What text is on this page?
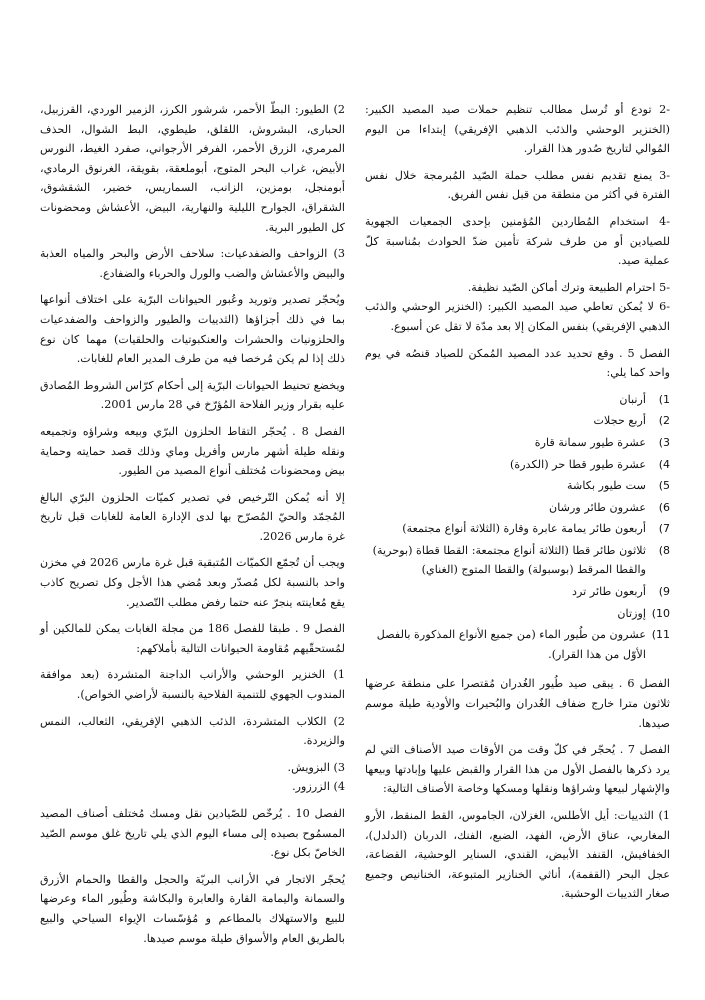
-2 تودع أو تُرسل مطالب تنظيم حملات صيد المصيد الكبير: (الخنزير الوحشي والذئب الذهبي الإفريقي) إبتداءا من اليوم المُوالي لتاريخ صُدور هذا القرار.

-3 يمنع تقديم نفس مطلب حملة الصّيد المُبرمجة خلال نفس الفترة في أكثر من منطقة من قبل نفس الفريق.

-4 استخدام المُطاردين المُؤمنين بإحدى الجمعيات الجهوية للصيادين أو من طرف شركة تأمين ضدّ الحوادث بمُناسبة كلّ عملية صيد.

-5 احترام الطبيعة وترك أماكن الصّيد نظيفة.

-6 لا يُمكن تعاطي صيد المصيد الكبير: (الخنزير الوحشي والذئب الذهبي الإفريقي) بنفس المكان إلا بعد مدّة لا تقل عن أسبوع.

الفصل 5 . وقع تحديد عدد المصيد المُمكن للصياد قنصُه في يوم واحد كما يلي:

1)
أرنبان
2)
أربع حجلات
3)
عشرة طيور سمانة قارة
4)
عشرة طيور قطا حر (الكدرة)
5)
ست طيور بكاشة
6)
عشرون طائر ورشان
7)
أربعون طائر يمامة عابرة وقارة (الثلاثة أنواع مجتمعة)
8)
ثلاثون طائر قطا (الثلاثة أنواع مجتمعة: القطا قطاة (بوحرية) والقطا المرقط (بوسبولة) والقطا المتوج (الغناي)
9)
أربعون طائر ترد
10)
إوزتان
11)
عشرون من طُيور الماء (من جميع الأنواع المذكورة بالفصل الأوّل من هذا القرار).

الفصل 6 . يبقى صيد طُيور الغُدران مُقتصرا على منطقة عرضها ثلاثون مترا خارج ضفاف الغُدران والبُحيرات والأودية طيلة موسم صيدها.

الفصل 7 . يُحجّر في كلّ وقت من الأوقات صيد الأصناف التي لم يرد ذكرها بالفصل الأول من هذا القرار والقبض عليها وإبادتها وبيعها والإشهار لبيعها وشراؤها ونقلها ومسكها وخاصة الأصناف التالية:

1) الثدييات: أيل الأطلس، الغزلان، الجاموس، القط المنقط، الأرو المغاربي، عناق الأرض، الفهد، الضبع، الفنك، الدربان (الدلدل)، الخفافيش، القنفد الأبيض، القندي، السناير الوحشية، القضاعة، عجل البحر (القفمة)، أناثي الخنازير المتبوعة، الخنانيص وجميع صغار الثدييات الوحشية.

2) الطيور: البطّ الأحمر، شرشور الكرز، الزمير الوردي، القرزبيل، الحبارى، البشروش، اللقلق، طيطوي، البط الشوال، الحذف المرمري، الزرق الأحمر، الفرفر الأرجواني، صفرد الغيط، النورس الأبيض، غراب البحر المتوج، أبوملعقة، بقويقة، الغرنوق الرمادي، أبومنجل، بومزين، الزانب، السماريس، خضير، الشقشوق، الشقراق، الجوارح الليلية والنهارية، البيض، الأعشاش ومحضونات كل الطيور البرية.

3) الزواحف والضفدعيات: سلاحف الأرض والبحر والمياه العذبة والبيض والأعشاش والضب والورل والحرباء والضفادع.

ويُحجّر تصدير وتوريد وعُبور الحيوانات البرّية على اختلاف أنواعها بما في ذلك أجزاؤها (الثدييات والطيور والزواحف والضفدعيات والحلزونيات والحشرات والعنكبوتيات والحلقيات) مهما كان نوع ذلك إذا لم يكن مُرخصا فيه من طرف المدير العام للغابات.

ويخضع تحنيط الحيوانات البرّية إلى أحكام كرّاس الشروط المُصادق عليه بقرار وزير الفلاحة المُؤرّخ في 28 مارس 2001.

الفصل 8 . يُحجّر التقاط الحلزون البرّي وبيعه وشراؤه وتجميعه ونقله طيلة أشهر مارس وأفريل وماي وذلك قصد حمايته وحماية بيض ومحضونات مُختلف أنواع المصيد من الطيور.

إلا أنه يُمكن التّرخيص في تصدير كميّات الحلزون البرّي البالغ المُجمّد والحيّ المُصرّح بها لدى الإدارة العامة للغابات قبل تاريخ غرة مارس 2026.

ويجب أن تُجمّع الكميّات المُتبقية قبل غرة مارس 2026 في مخزن واحد بالنسبة لكل مُصدّر وبعد مُضي هذا الأجل وكل تصريح كاذب يقع مُعاينته ينجرّ عنه حتما رفض مطلب التّصدير.

الفصل 9 . طبقا للفصل 186 من مجلة الغابات يمكن للمالكين أو لمُستحقّيهم مُقاومة الحيوانات التالية بأملاكهم:

1) الخنزير الوحشي والأرانب الداجنة المتشردة (بعد موافقة المندوب الجهوي للتنمية الفلاحية بالنسبة لأراضي الخواص).

2) الكلاب المتشردة، الذئب الذهبي الإفريقي، الثعالب، النمس والزيردة.

3) البزويش.

4) الزرزور.

الفصل 10 . يُرخّص للصّيادين نقل ومسك مُختلف أصناف المصيد المسمُوح بصيده إلى مساء اليوم الذي يلي تاريخ غلق موسم الصّيد الخاصّ بكل نوع.

يُحجّر الاتجار في الأرانب البريّة والحجل والقطا والحمام الأزرق والسمانة واليمامة القارة والعابرة والبكاشة وطُيور الماء وعرضها للبيع والاستهلاك بالمطاعم و مُؤسّسات الإيواء السياحي والبيع بالطريق العام والأسواق طيلة موسم صيدها.
